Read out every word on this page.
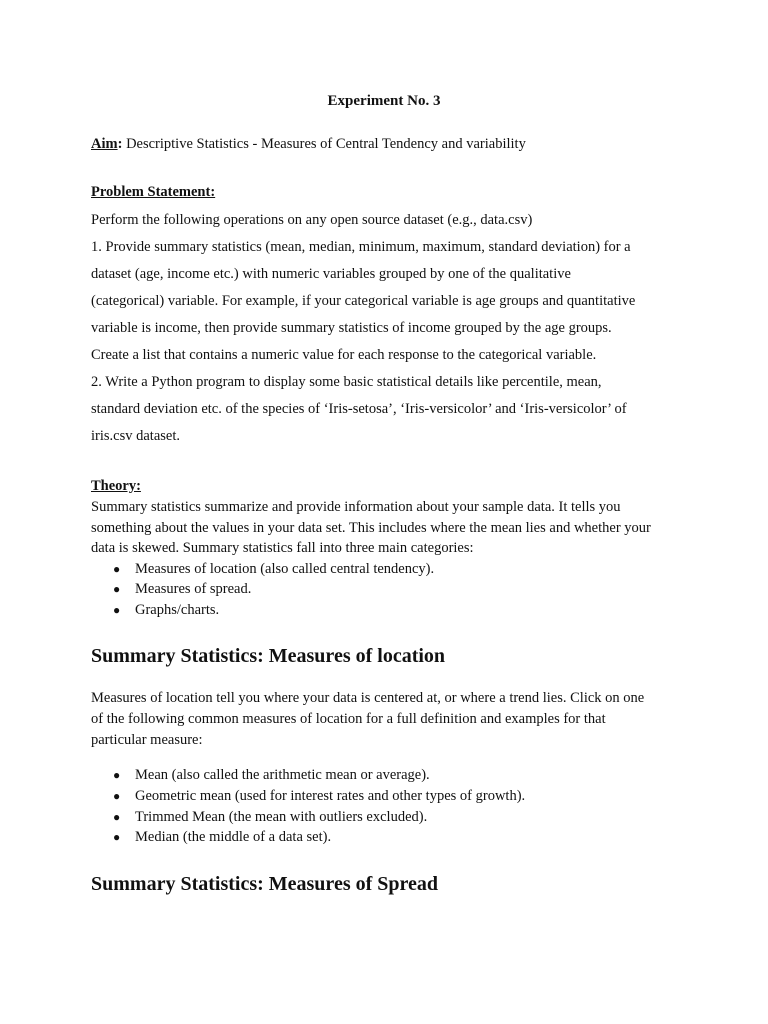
Experiment No. 3
Aim: Descriptive Statistics - Measures of Central Tendency and variability
Problem Statement:

Perform the following operations on any open source dataset (e.g., data.csv)

1. Provide summary statistics (mean, median, minimum, maximum, standard deviation) for a

dataset (age, income etc.) with numeric variables grouped by one of the qualitative

(categorical) variable. For example, if your categorical variable is age groups and quantitative

variable is income, then provide summary statistics of income grouped by the age groups.

Create a list that contains a numeric value for each response to the categorical variable.

2. Write a Python program to display some basic statistical details like percentile, mean,

standard deviation etc. of the species of ‘Iris-setosa’, ‘Iris-versicolor’ and ‘Iris-versicolor’ of

iris.csv dataset.

Theory:

Summary statistics summarize and provide information about your sample data. It tells you

something about the values in your data set. This includes where the mean lies and whether your

data is skewed. Summary statistics fall into three main categories:

● Measures of location (also called central tendency).
● Measures of spread.
● Graphs/charts.
Summary Statistics: Measures of location

Measures of location tell you where your data is centered at, or where a trend lies. Click on one

of the following common measures of location for a full definition and examples for that

particular measure:

● Mean (also called the arithmetic mean or average).
● Geometric mean (used for interest rates and other types of growth).
● Trimmed Mean (the mean with outliers excluded).
● Median (the middle of a data set).
Summary Statistics: Measures of Spread
